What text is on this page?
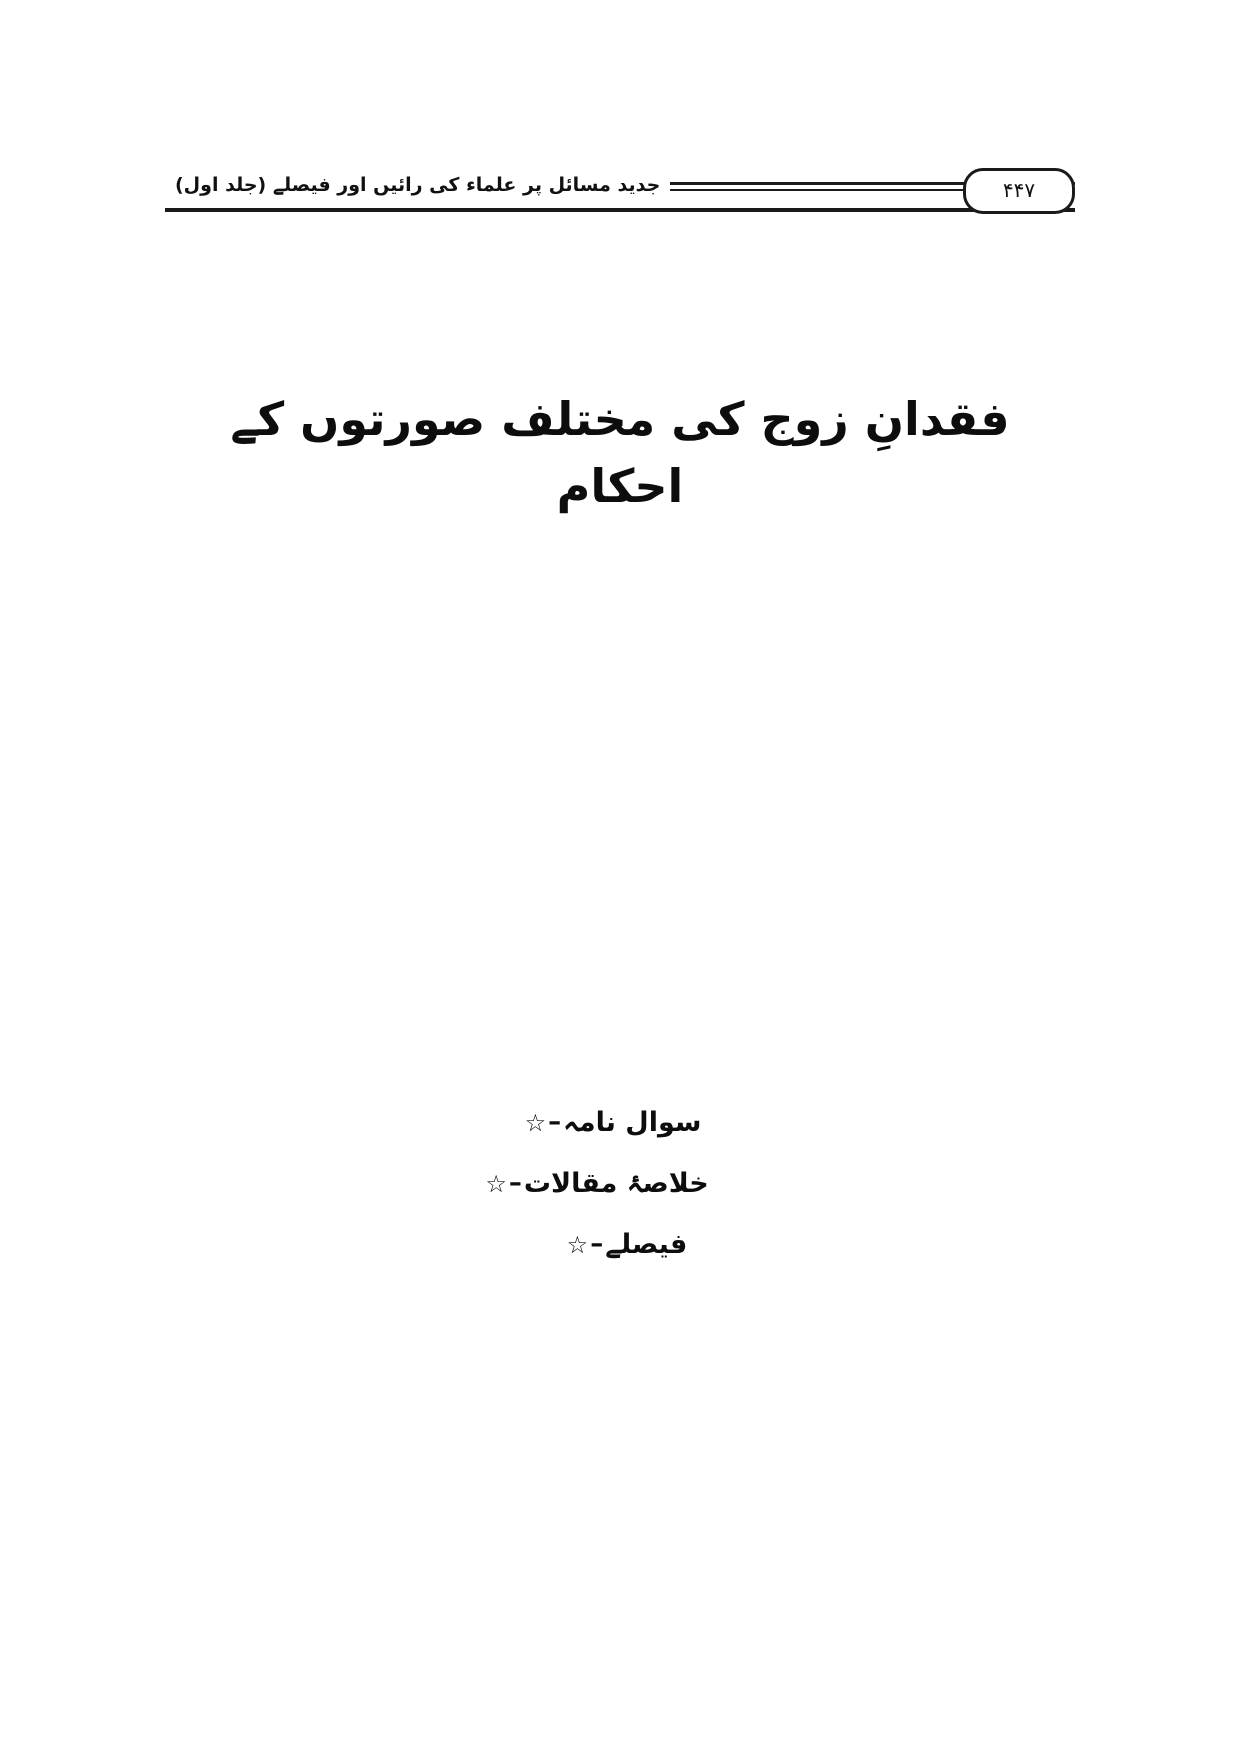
جدید مسائل پر علماء کی رائیں اور فیصلے (جلد اول)	۴۴۷
فقدانِ زوج کی مختلف صورتوں کے احکام
سوال نامہ
–
☆
خلاصۂ مقالات
–
☆
فیصلے
–
☆
